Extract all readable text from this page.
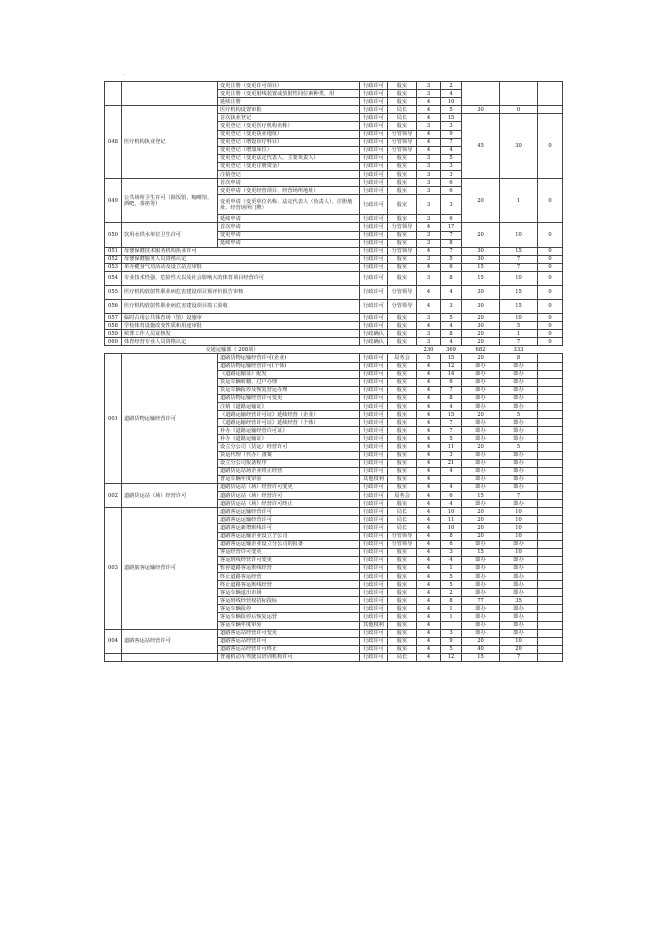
·
		变更注册（变更许可项目）	行政许可	股室	3	2			
		变更注册（变更射线装置或放射性同位素种类、用	行政许可	股室	3	4			
		延续注册	行政许可	股室	4	10			
048	医疗机构执业登记	医疗机构设置审批	行政许可	局长	4	5	30	0	
		首次执业登记	行政许可	局长	4	15	45	30	0
		变更登记（变更医疗机构名称）	行政许可	股室	3	3			
		变更登记（变更执业地址）	行政许可	分管领导	4	9			
		变更登记（增设诊疗科目）	行政许可	分管领导	4	7			
		变更登记（增加床位）	行政许可	分管领导	4	4			
		变更登记（变更法定代表人、主要负责人）	行政许可	股室	3	5			
		变更登记（变更注册资金）	行政许可	股室	3	3			
		注销登记	行政许可	股室	3	3			
049	公共场所卫生许可（除饭馆、咖啡馆、酒吧、茶座等）	首次申请	行政许可	股室	3	6	20	1	0
		变更申请（变更经营项目、经营场所地址）	行政许可	股室	3	6			
		变更申请（变更单位名称、法定代表人（负责人）、注册地址、经营场所门牌）	行政许可	股室	3	3			
		延续申请	行政许可	股室	3	6			
050	饮用水供水单位卫生许可	首次申请	行政许可	分管领导	4	17	20	10	0
		变更申请	行政许可	股室	3	7			
		延续申请	行政许可	股室	3	8			
051	母婴保健技术服务机构执业许可		行政许可	分管领导	4	7	30	15	0
052	母婴保健服务人员资格认定		行政许可	股室	3	5	30	7	0
053	单办健身气功活动及设立站点审批		行政许可	股室	4	6	15	7	0
054	专业技术性强、危险性大以及社会影响大的体育项目经营许可		行政许可	股室	3	8	15	10	0
055	医疗机构放射性职业病危害建设项目预评价报告审核		行政许可	分管领导	4	4	30	15	0
056	医疗机构放射性职业病危害建设项目竣工验收		行政许可	分管领导	4	3	30	15	0
057	临时占用公共体育场（馆）设施审		行政许可	股室	3	5	20	10	0
058	学校体育设施改变性质和用途审批		行政许可	股室	4	4	30	5	0
059	殡葬工作人员证核发		行政确认	股室	3	8	20	1	0
060	体育经营专业人员资格认定		行政确认	股室	3	4	20	7	0
交通运输部（ 208项）					230	369	682	333	
001	道路货物运输经营许可	道路货物运输经营许可(企业)	行政许可	局务会	5	15	20	8	
		道路货物运输经营许可(个体)	行政许可	股室	4	12	即办	即办	
		《道路运输证》配发	行政许可	股室	4	14	即办	即办	
		货运车辆转籍、过户办理	行政许可	股室	4	6	即办	即办	
		货运车辆报停及恢复营运办理	行政许可	股室	4	7	即办	即办	
		道路货物运输经营许可变更	行政许可	股室	4	8	即办	即办	
		注销《道路运输证》	行政许可	股室	4	4	即办	即办	
		《道路运输经营许可证》延续经营（企业）	行政许可	股室	4	15	20	5	
		《道路运输经营许可证》延续经营（个体）	行政许可	股室	4	7	即办	即办	
		补办《道路运输经营许可证》	行政许可	股室	4	7	即办	即办	
		补办《道路运输证》	行政许可	股室	4	5	即办	即办	
		设立分公司（货运）经营许可	行政许可	股室	4	11	20	5	
		货运代理（代办）备案	行政许可	股室	4	3	即办	即办	
		设立分公司报备程序	行政许可	股室	4	21	即办	即办	
		道路货运站场企业终止经营	行政许可	股室	4	4	即办	即办	
		普运车辆年度审验	其他权利	股室	4		即办	即办	
002	道路货运站（场）经营许可	道路货运站（场）经营许可变更	行政许可	股室	4	4	即办	即办	
		道路货运站（场）经营许可	行政许可	局务会	4	6	15	7	
		道路货运站（场）经营许可终止	行政许可	股室	4	4	即办	即办	
003	道路旅客运输经营许可	道路客运运输经营许可	行政许可	局长	4	10	20	10	
		道路客运运输经营许可	行政许可	局长	4	11	20	10	
		道路客运新增班线许可	行政许可	局长	4	10	20	10	
		道路客运运输企业设立子公司	行政许可	分管领导	4	8	20	10	
		道路客运运输企业设立分公司的报备	行政许可	分管领导	4	6	即办	即办	
		客运经营许可变更	行政许可	股室	4	3	15	10	
		客运班线经营许可变更	行政许可	股室	4	4	即办	即办	
		暂停道路客运班线经营	行政许可	股室	4	1	即办	即办	
		终止道路客运经营	行政许可	股室	4	5	即办	即办	
		终止道路客运班线经营	行政许可	股室	4	5	即办	即办	
		客运车辆退出市场	行政许可	股室	4	2	即办	即办	
		客运班线经营权招标投标	行政许可	股室	4	8	77	35	
		客运车辆报停	行政许可	股室	4	1	即办	即办	
		客运车辆报停后恢复运营	行政许可	股室	4	1	即办	即办	
		客运车辆年度审验	其他权利	股室	4		即办	即办	
004	道路客运站经营许可	道路客运站经营许可变更	行政许可	股室	4	3	即办	即办	
		道路客运站经营许可	行政许可	股室	4	9	20	10	
		道路客运站经营许可终止	行政许可	股室	4	5	40	20	
		普通机动车驾驶员培训机构许可	行政许可	局长	4	12	15	7	
